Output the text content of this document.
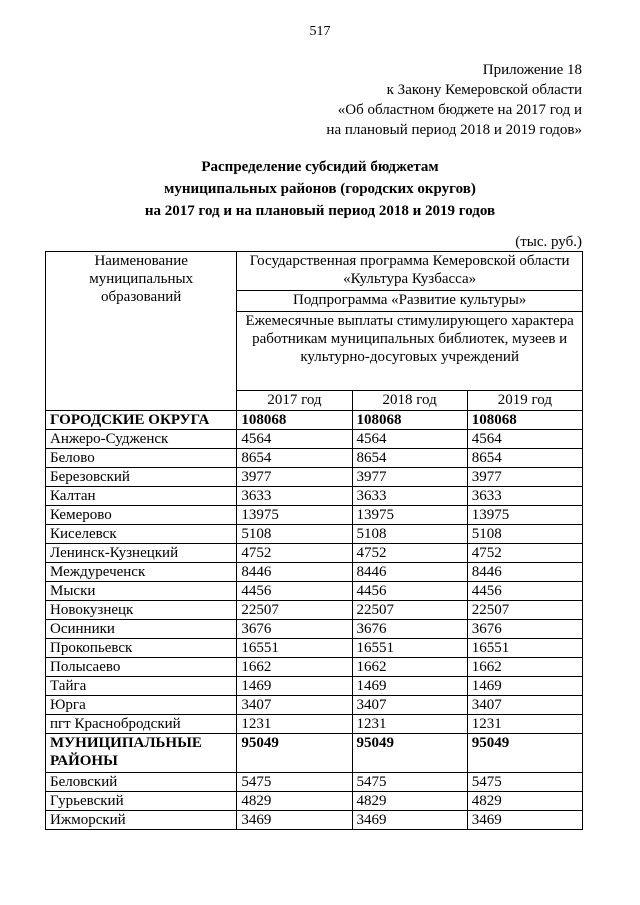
517
Приложение 18
к Закону Кемеровской области
«Об областном бюджете на 2017 год и
на плановый период 2018 и 2019 годов»
Распределение субсидий бюджетам
муниципальных районов (городских округов)
на 2017 год и на плановый период 2018 и 2019 годов
(тыс. руб.)
Наименование муниципальных образований	Государственная программа Кемеровской области «Культура Кузбасса»		
	Подпрограмма «Развитие культуры»		
	Ежемесячные выплаты стимулирующего характера работникам муниципальных библиотек, музеев и культурно-досуговых учреждений		
	2017 год	2018 год	2019 год
ГОРОДСКИЕ ОКРУГА	108068	108068	108068
Анжеро-Судженск	4564	4564	4564
Белово	8654	8654	8654
Березовский	3977	3977	3977
Калтан	3633	3633	3633
Кемерово	13975	13975	13975
Киселевск	5108	5108	5108
Ленинск-Кузнецкий	4752	4752	4752
Междуреченск	8446	8446	8446
Мыски	4456	4456	4456
Новокузнецк	22507	22507	22507
Осинники	3676	3676	3676
Прокопьевск	16551	16551	16551
Полысаево	1662	1662	1662
Тайга	1469	1469	1469
Юрга	3407	3407	3407
пгт Краснобродский	1231	1231	1231
МУНИЦИПАЛЬНЫЕ РАЙОНЫ	95049	95049	95049
Беловский	5475	5475	5475
Гурьевский	4829	4829	4829
Ижморский	3469	3469	3469
